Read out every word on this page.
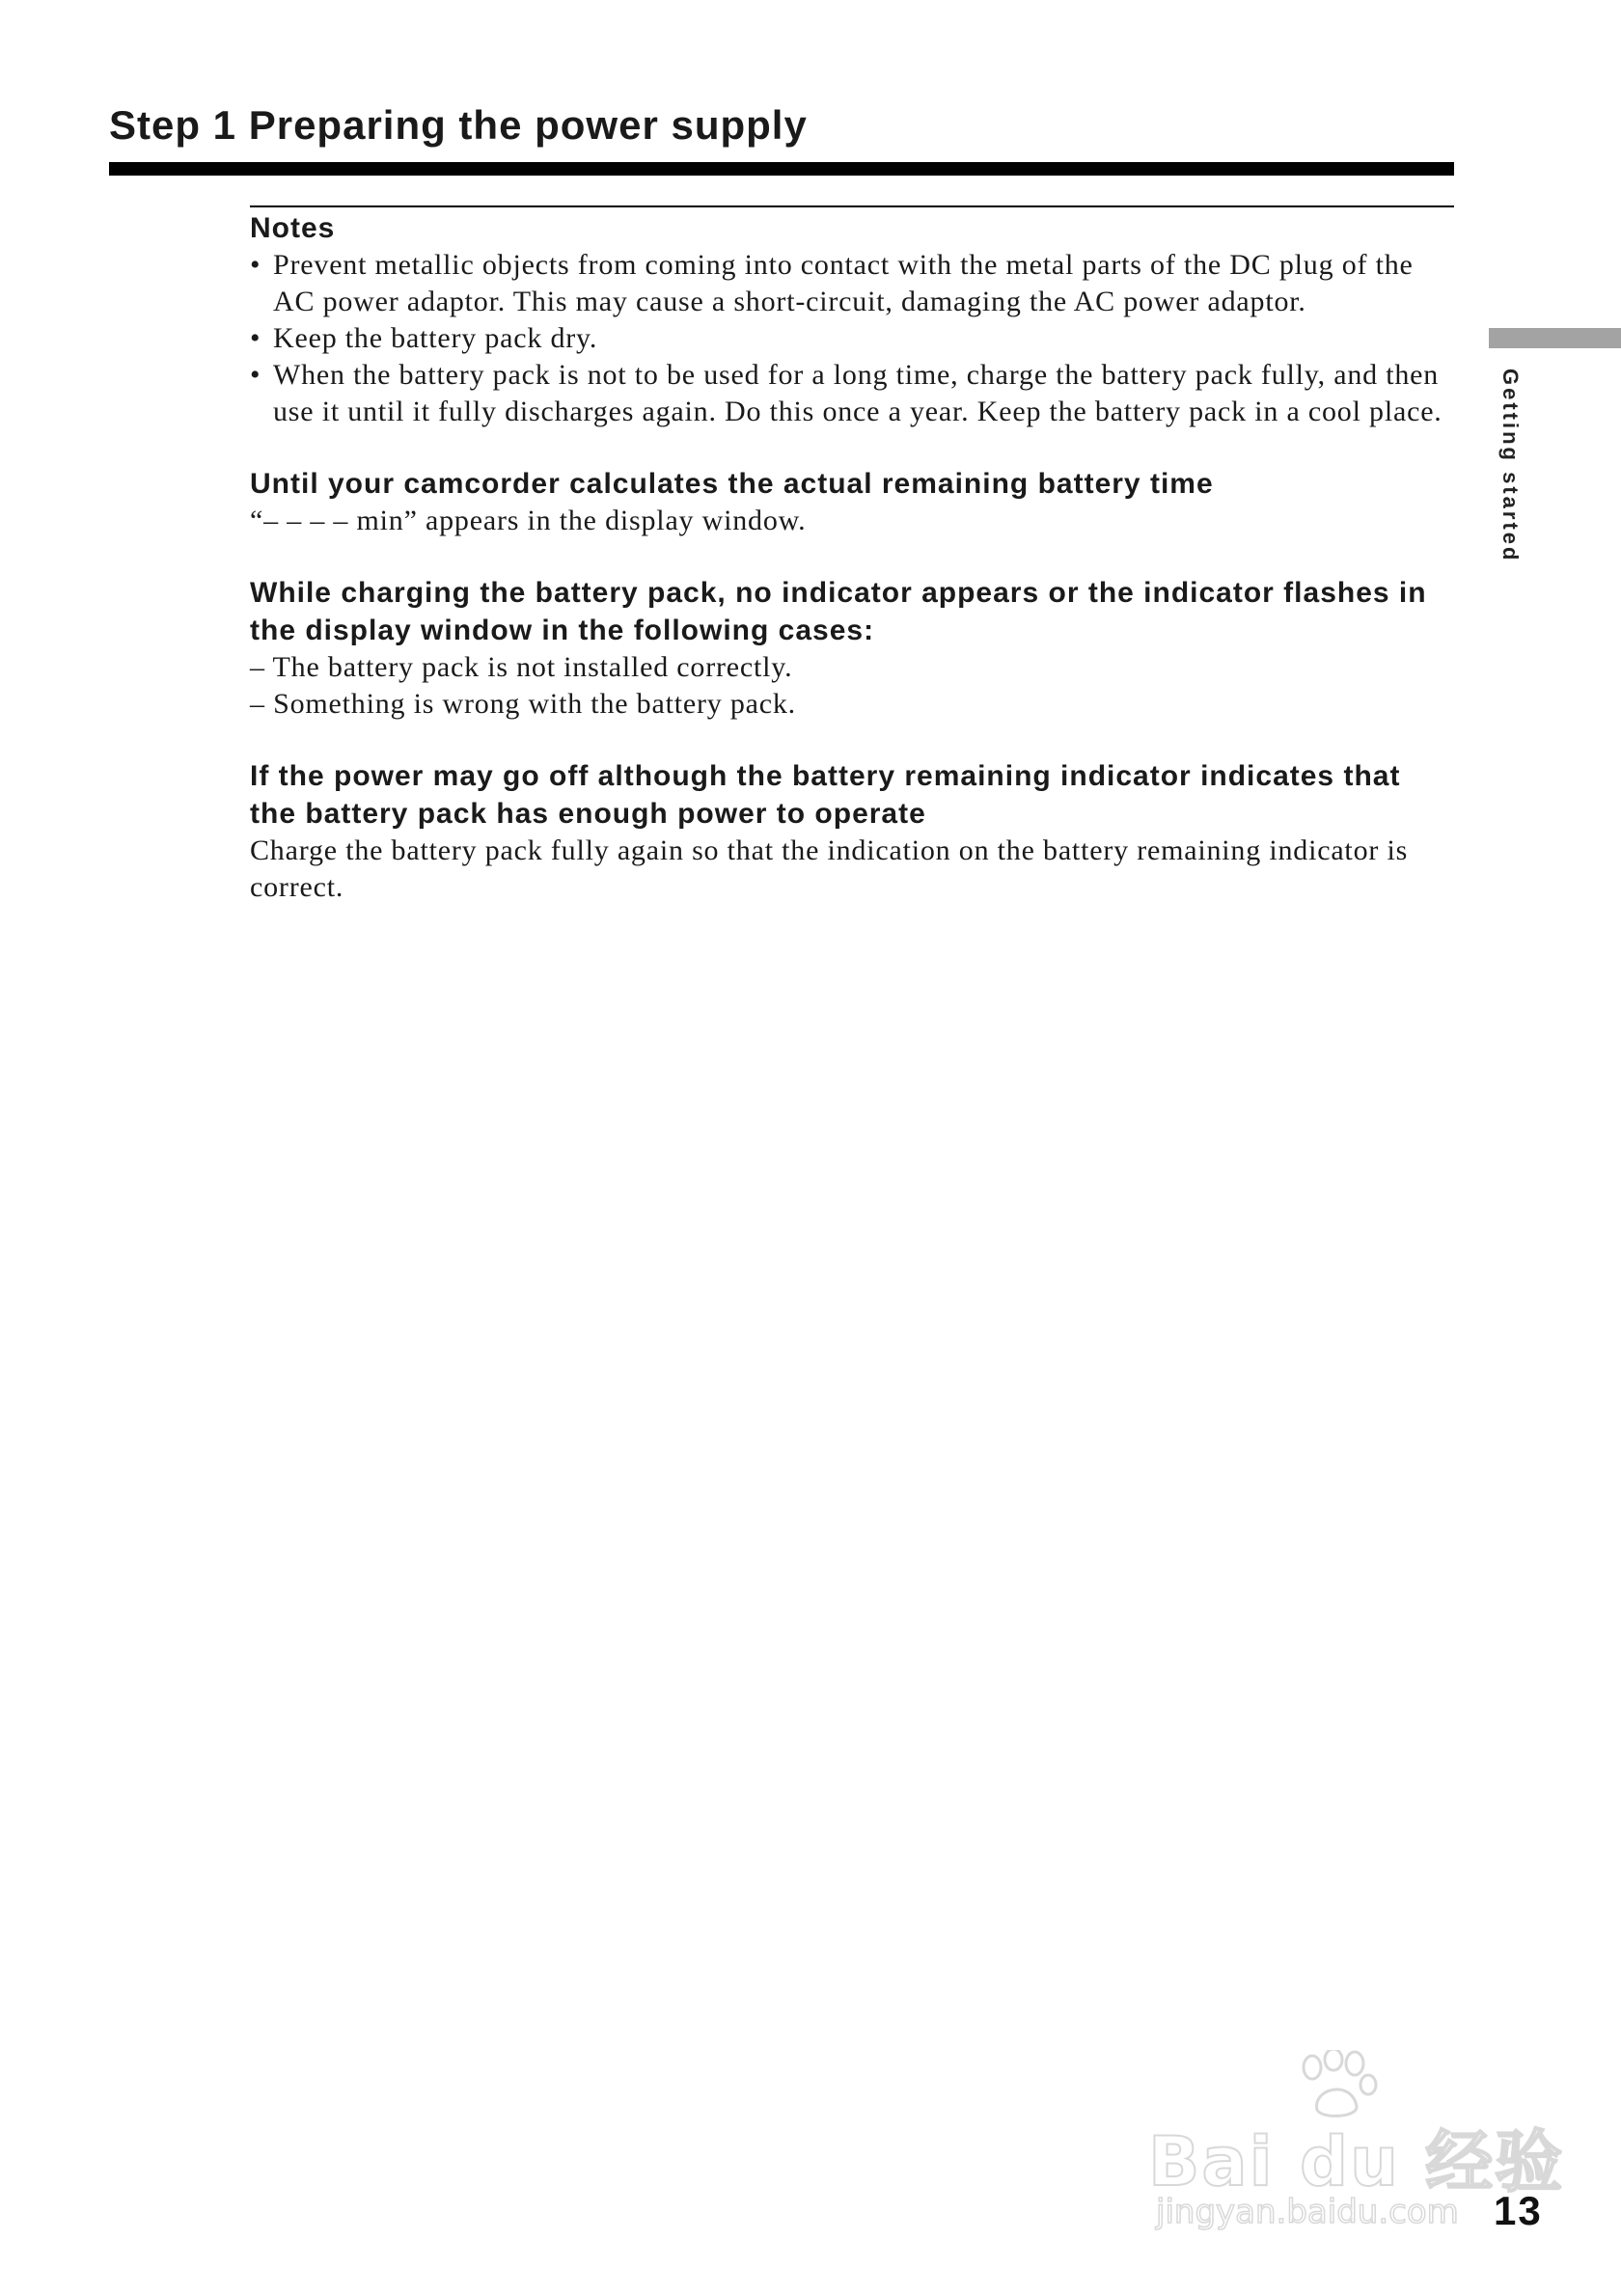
Step 1 Preparing the power supply
Getting started
Notes
• Prevent metallic objects from coming into contact with the metal parts of the DC plug of the AC power adaptor. This may cause a short-circuit, damaging the AC power adaptor.
• Keep the battery pack dry.
• When the battery pack is not to be used for a long time, charge the battery pack fully, and then use it until it fully discharges again. Do this once a year. Keep the battery pack in a cool place.
Until your camcorder calculates the actual remaining battery time

“– – – – min” appears in the display window.

While charging the battery pack, no indicator appears or the indicator flashes in the display window in the following cases:

– The battery pack is not installed correctly.

– Something is wrong with the battery pack.

If the power may go off although the battery remaining indicator indicates that the battery pack has enough power to operate

Charge the battery pack fully again so that the indication on the battery remaining indicator is correct.

Bai du 经验
jingyan.baidu.com 13
